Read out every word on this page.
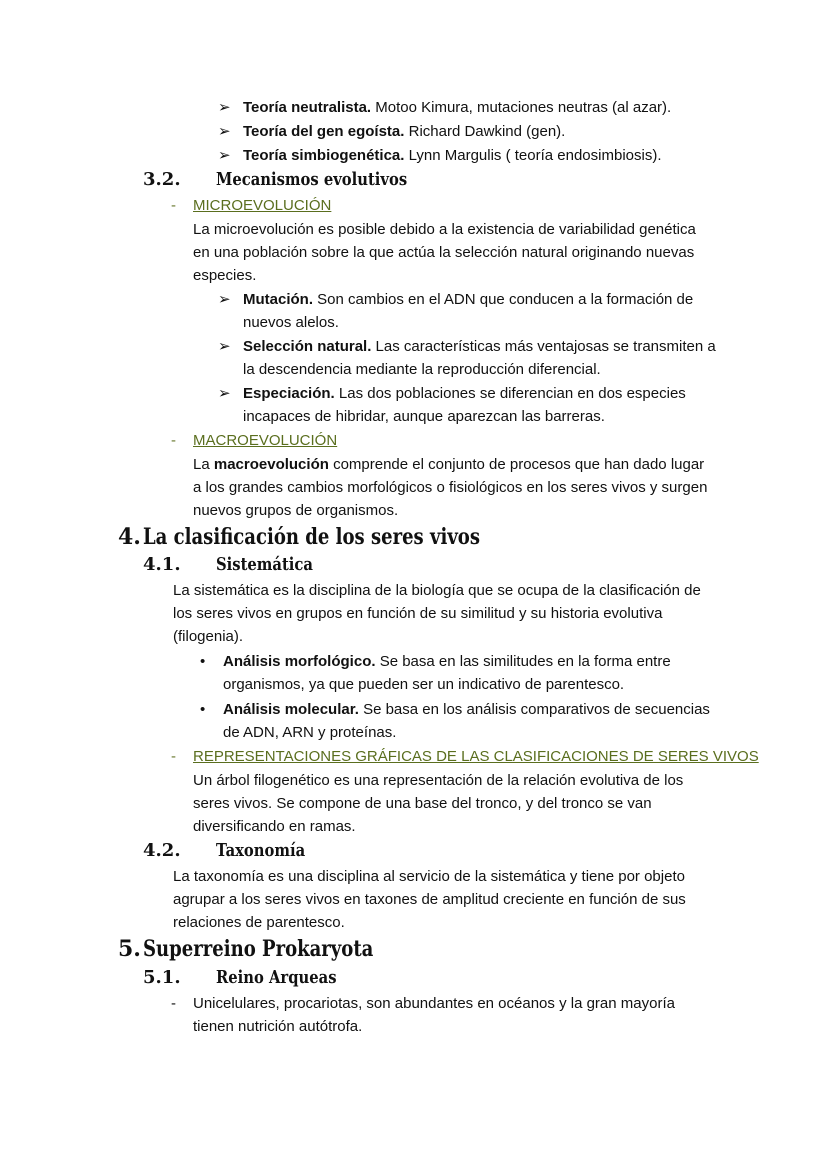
➢ Teoría neutralista. Motoo Kimura, mutaciones neutras (al azar).
➢ Teoría del gen egoísta. Richard Dawkind (gen).
➢ Teoría simbiogenética. Lynn Margulis ( teoría endosimbiosis).
3.2. Mecanismos evolutivos
- MICROEVOLUCIÓN
La microevolución es posible debido a la existencia de variabilidad genética
en una población sobre la que actúa la selección natural originando nuevas
especies.
➢ Mutación. Son cambios en el ADN que conducen a la formación de
nuevos alelos.
➢ Selección natural. Las características más ventajosas se transmiten a
la descendencia mediante la reproducción diferencial.
➢ Especiación. Las dos poblaciones se diferencian en dos especies
incapaces de hibridar, aunque aparezcan las barreras.
- MACROEVOLUCIÓN
La macroevolución comprende el conjunto de procesos que han dado lugar
a los grandes cambios morfológicos o fisiológicos en los seres vivos y surgen
nuevos grupos de organismos.
4. La clasificación de los seres vivos
4.1. Sistemática
La sistemática es la disciplina de la biología que se ocupa de la clasificación de
los seres vivos en grupos en función de su similitud y su historia evolutiva
(filogenia).
• Análisis morfológico. Se basa en las similitudes en la forma entre
organismos, ya que pueden ser un indicativo de parentesco.
• Análisis molecular. Se basa en los análisis comparativos de secuencias
de ADN, ARN y proteínas.
- REPRESENTACIONES GRÁFICAS DE LAS CLASIFICACIONES DE SERES VIVOS
Un árbol filogenético es una representación de la relación evolutiva de los
seres vivos. Se compone de una base del tronco, y del tronco se van
diversificando en ramas.
4.2. Taxonomía
La taxonomía es una disciplina al servicio de la sistemática y tiene por objeto
agrupar a los seres vivos en taxones de amplitud creciente en función de sus
relaciones de parentesco.
5. Superreino Prokaryota
5.1. Reino Arqueas
- Unicelulares, procariotas, son abundantes en océanos y la gran mayoría
tienen nutrición autótrofa.
